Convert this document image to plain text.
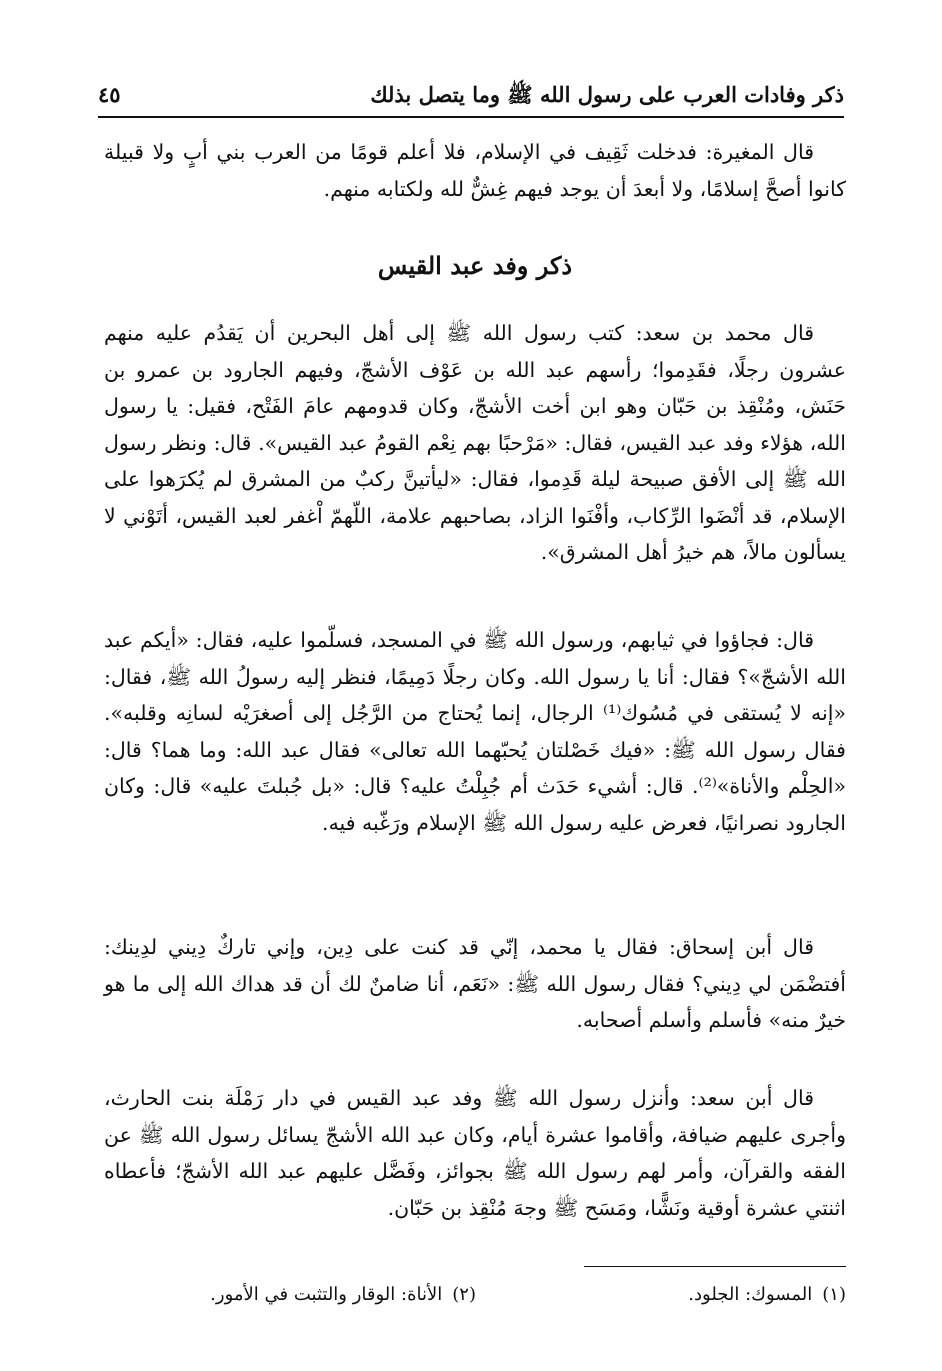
ذكر وفادات العرب على رسول الله ﷺ وما يتصل بذلك
٤٥

قال المغيرة: فدخلت ثَقِيف في الإسلام، فلا أعلم قومًا من العرب بني أبٍ ولا قبيلة كانوا أصحَّ إسلامًا، ولا أبعدَ أن يوجد فيهم غِشٌّ لله ولكتابه منهم.

ذكر وفد عبد القيس

قال محمد بن سعد: كتب رسول الله ﷺ إلى أهل البحرين أن يَقدُم عليه منهم عشرون رجلًا، فقَدِموا؛ رأسهم عبد الله بن عَوْف الأشجّ، وفيهم الجارود بن عمرو بن حَنَش، ومُنْقِذ بن حَبّان وهو ابن أخت الأشجّ، وكان قدومهم عامَ الفَتْح، فقيل: يا رسول الله، هؤلاء وفد عبد القيس، فقال: «مَرْحبًا بهم نِعْم القومُ عبد القيس». قال: ونظر رسول الله ﷺ إلى الأفق صبيحة ليلة قَدِموا، فقال: «ليأتينَّ ركبٌ من المشرق لم يُكرَهوا على الإسلام، قد أنْضَوا الرِّكاب، وأفْنَوا الزاد، بصاحبهم علامة، اللّهمّ اْغفر لعبد القيس، أتَوْني لا يسألون مالاً، هم خيرُ أهل المشرق».

قال: فجاؤوا في ثيابهم، ورسول الله ﷺ في المسجد، فسلّموا عليه، فقال: «أيكم عبد الله الأشجّ»؟ فقال: أنا يا رسول الله. وكان رجلًا دَمِيمًا، فنظر إليه رسولُ الله ﷺ، فقال: «إنه لا يُستقى في مُسُوك⁽¹⁾ الرجال، إنما يُحتاج من الرَّجُل إلى أصغرَيْه لسانِه وقلبه». فقال رسول الله ﷺ: «فيك خَصْلتان يُحبّهما الله تعالى» فقال عبد الله: وما هما؟ قال: «الحِلْم والأناة»⁽²⁾. قال: أشيء حَدَث أم جُبِلْتُ عليه؟ قال: «بل جُبلتَ عليه» قال: وكان الجارود نصرانيًا، فعرض عليه رسول الله ﷺ الإسلام ورَغّبه فيه.

قال أبن إسحاق: فقال يا محمد، إنّي قد كنت على دِين، وإني تاركٌ دِيني لدِينك: أفتضْمَن لي دِيني؟ فقال رسول الله ﷺ: «نَعَم، أنا ضامنٌ لك أن قد هداك الله إلى ما هو خيرٌ منه» فأسلم وأسلم أصحابه.

قال أبن سعد: وأنزل رسول الله ﷺ وفد عبد القيس في دار رَمْلَة بنت الحارث، وأجرى عليهم ضيافة، وأقاموا عشرة أيام، وكان عبد الله الأشجّ يسائل رسول الله ﷺ عن الفقه والقرآن، وأمر لهم رسول الله ﷺ بجوائز، وفَضَّل عليهم عبد الله الأشجّ؛ فأعطاه اثنتي عشرة أوقية ونَشًّا، ومَسَح ﷺ وجهَ مُنْقِذ بن حَبّان.

(١)المسوك: الجلود.
(٢)الأناة: الوقار والتثبت في الأمور.
